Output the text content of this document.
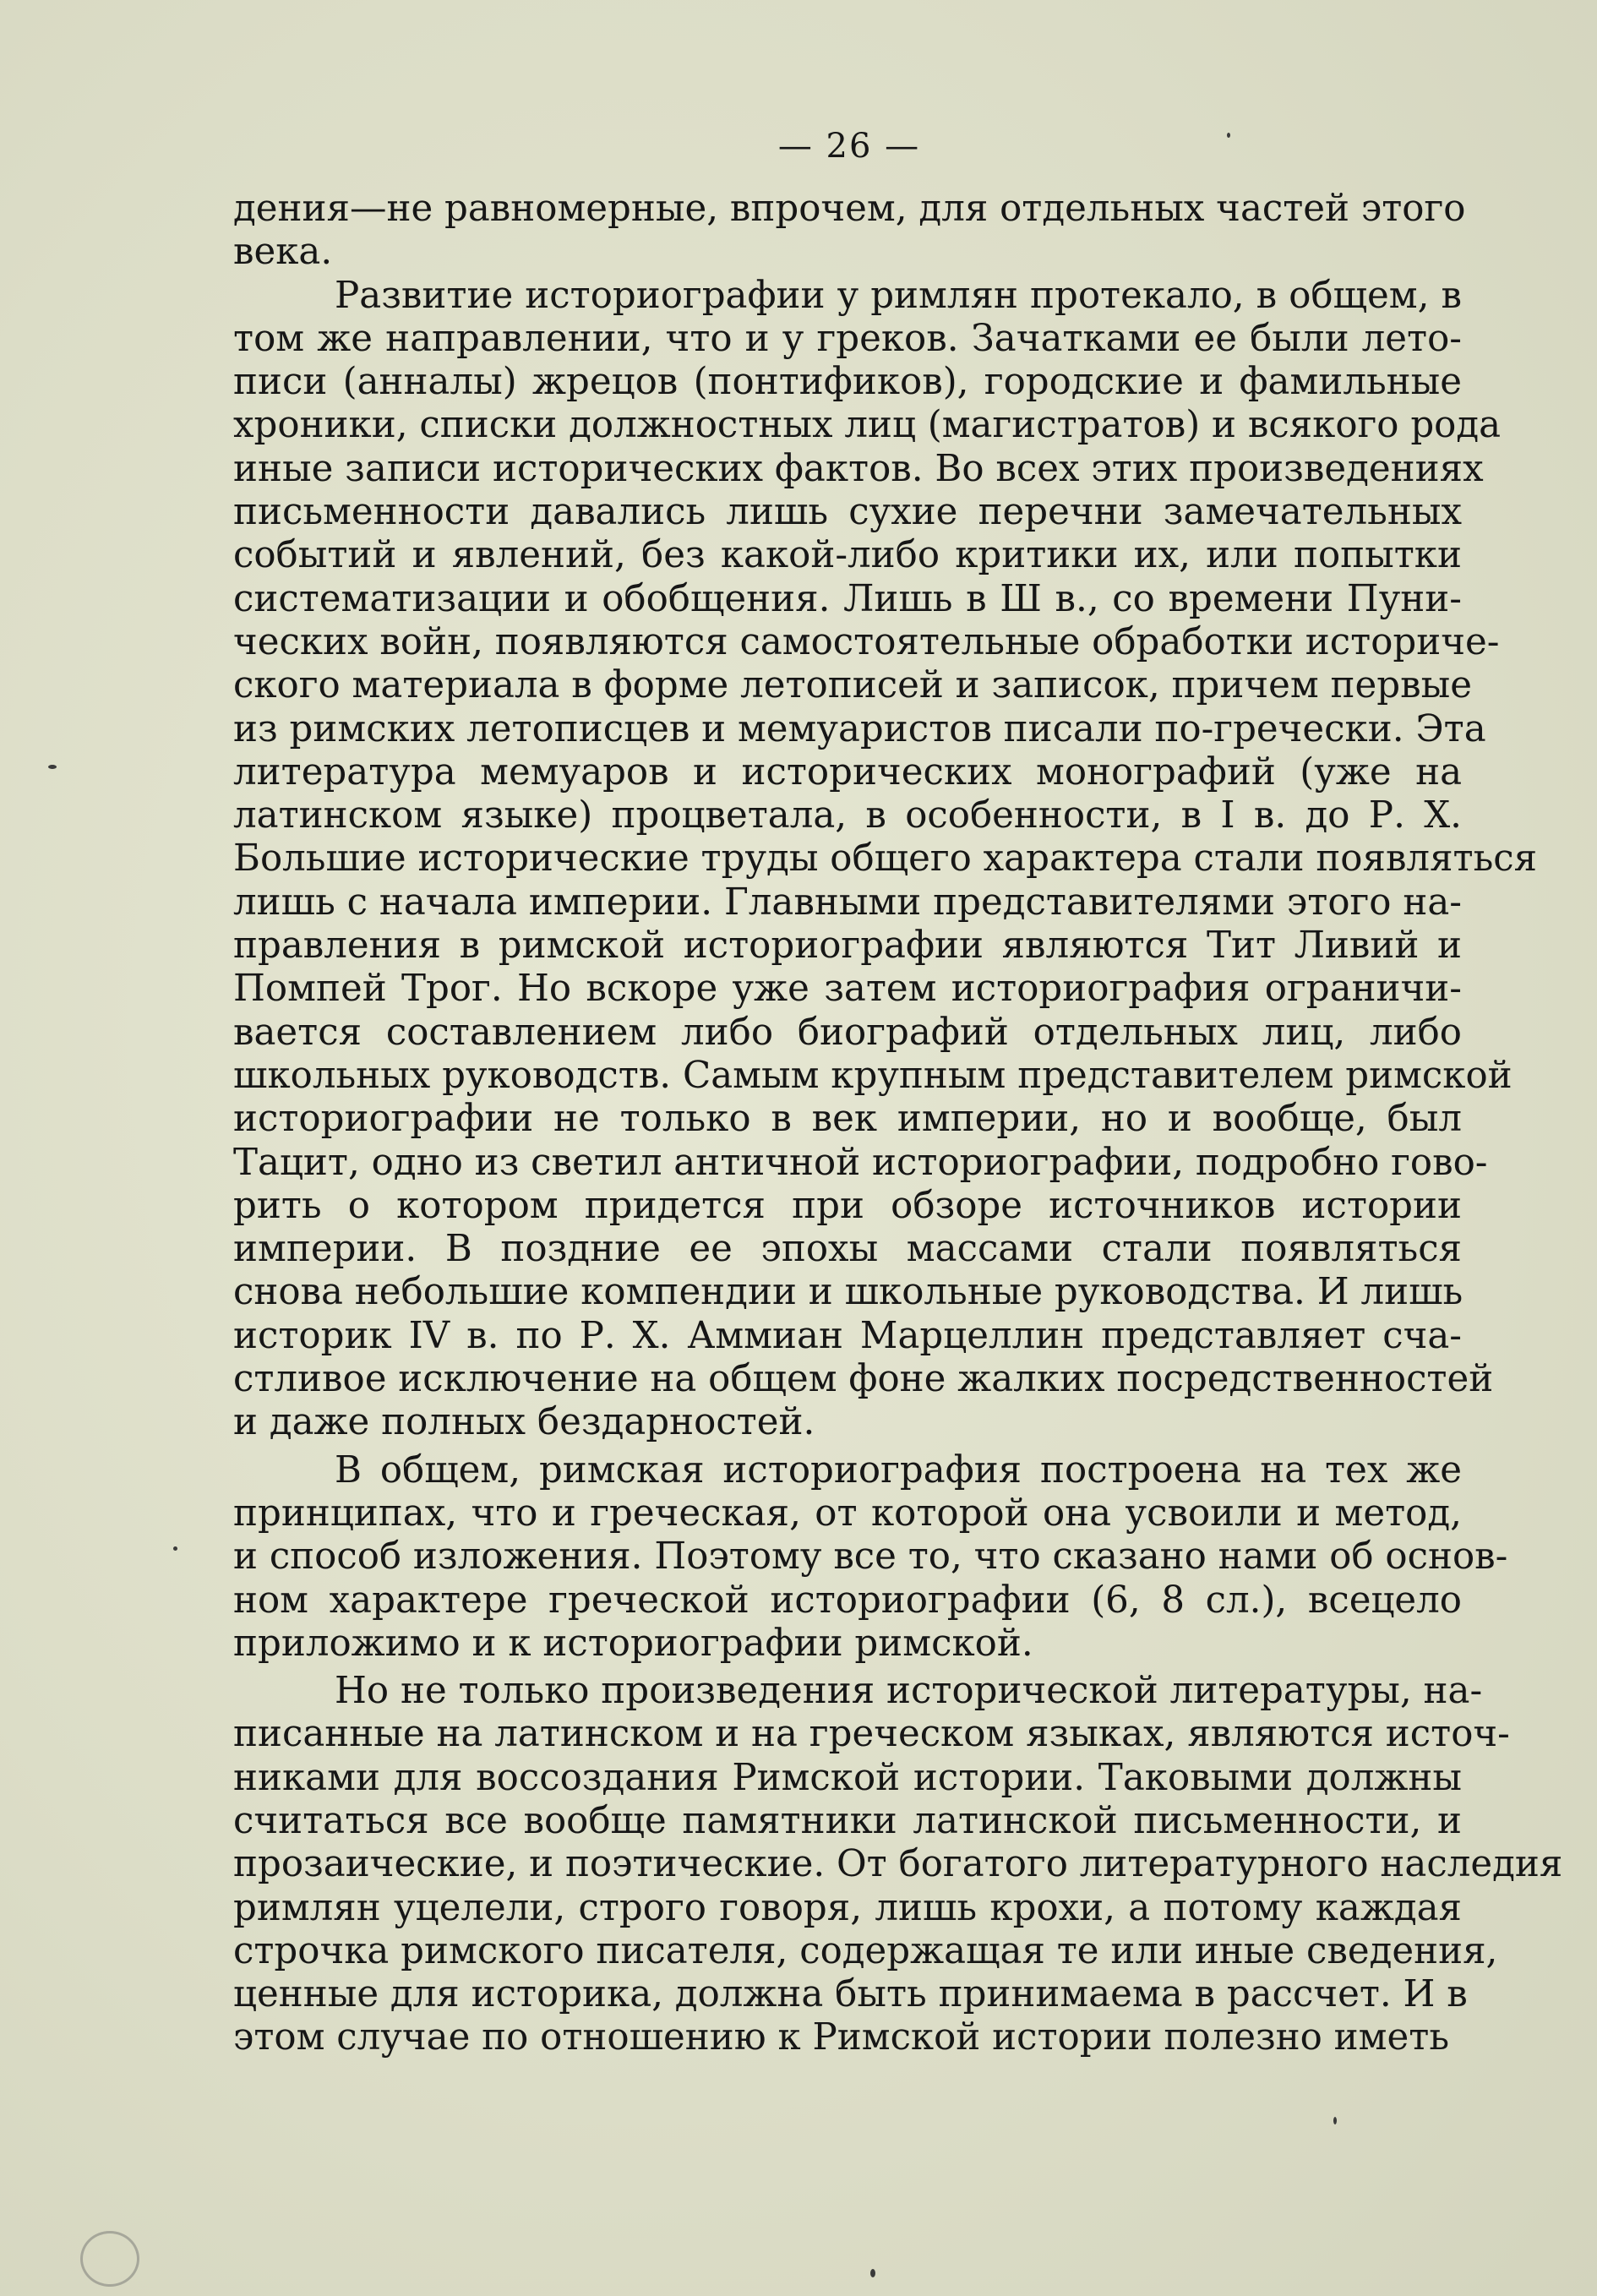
— 26 —
дения—не равномерные, впрочем, для отдельных частей этого
века.
Развитие историографии у римлян протекало, в общем, в
том же направлении, что и у греков. Зачатками ее были лето-
писи (анналы) жрецов (понтификов), городские и фамильные
хроники, списки должностных лиц (магистратов) и всякого рода
иные записи исторических фактов. Во всех этих произведениях
письменности давались лишь сухие перечни замечательных
событий и явлений, без какой-либо критики их, или попытки
систематизации и обобщения. Лишь в Ш в., со времени Пуни-
ческих войн, появляются самостоятельные обработки историче-
ского материала в форме летописей и записок, причем первые
из римских летописцев и мемуаристов писали по-гречески. Эта
литература мемуаров и исторических монографий (уже на
латинском языке) процветала, в особенности, в I в. до Р. Х.
Большие исторические труды общего характера стали появляться
лишь с начала империи. Главными представителями этого на-
правления в римской историографии являются Тит Ливий и
Помпей Трог. Но вскоре уже затем историография ограничи-
вается составлением либо биографий отдельных лиц, либо
школьных руководств. Самым крупным представителем римской
историографии не только в век империи, но и вообще, был
Тацит, одно из светил античной историографии, подробно гово-
рить о котором придется при обзоре источников истории
империи. В поздние ее эпохы массами стали появляться
снова небольшие компендии и школьные руководства. И лишь
историк IV в. по Р. Х. Аммиан Марцеллин представляет сча-
стливое исключение на общем фоне жалких посредственностей
и даже полных бездарностей.
В общем, римская историография построена на тех же
принципах, что и греческая, от которой она усвоили и метод,
и способ изложения. Поэтому все то, что сказано нами об основ-
ном характере греческой историографии (6, 8 сл.), всецело
приложимо и к историографии римской.
Но не только произведения исторической литературы, на-
писанные на латинском и на греческом языках, являются источ-
никами для воссоздания Римской истории. Таковыми должны
считаться все вообще памятники латинской письменности, и
прозаические, и поэтические. От богатого литературного наследия
римлян уцелели, строго говоря, лишь крохи, а потому каждая
строчка римского писателя, содержащая те или иные сведения,
ценные для историка, должна быть принимаема в рассчет. И в
этом случае по отношению к Римской истории полезно иметь
